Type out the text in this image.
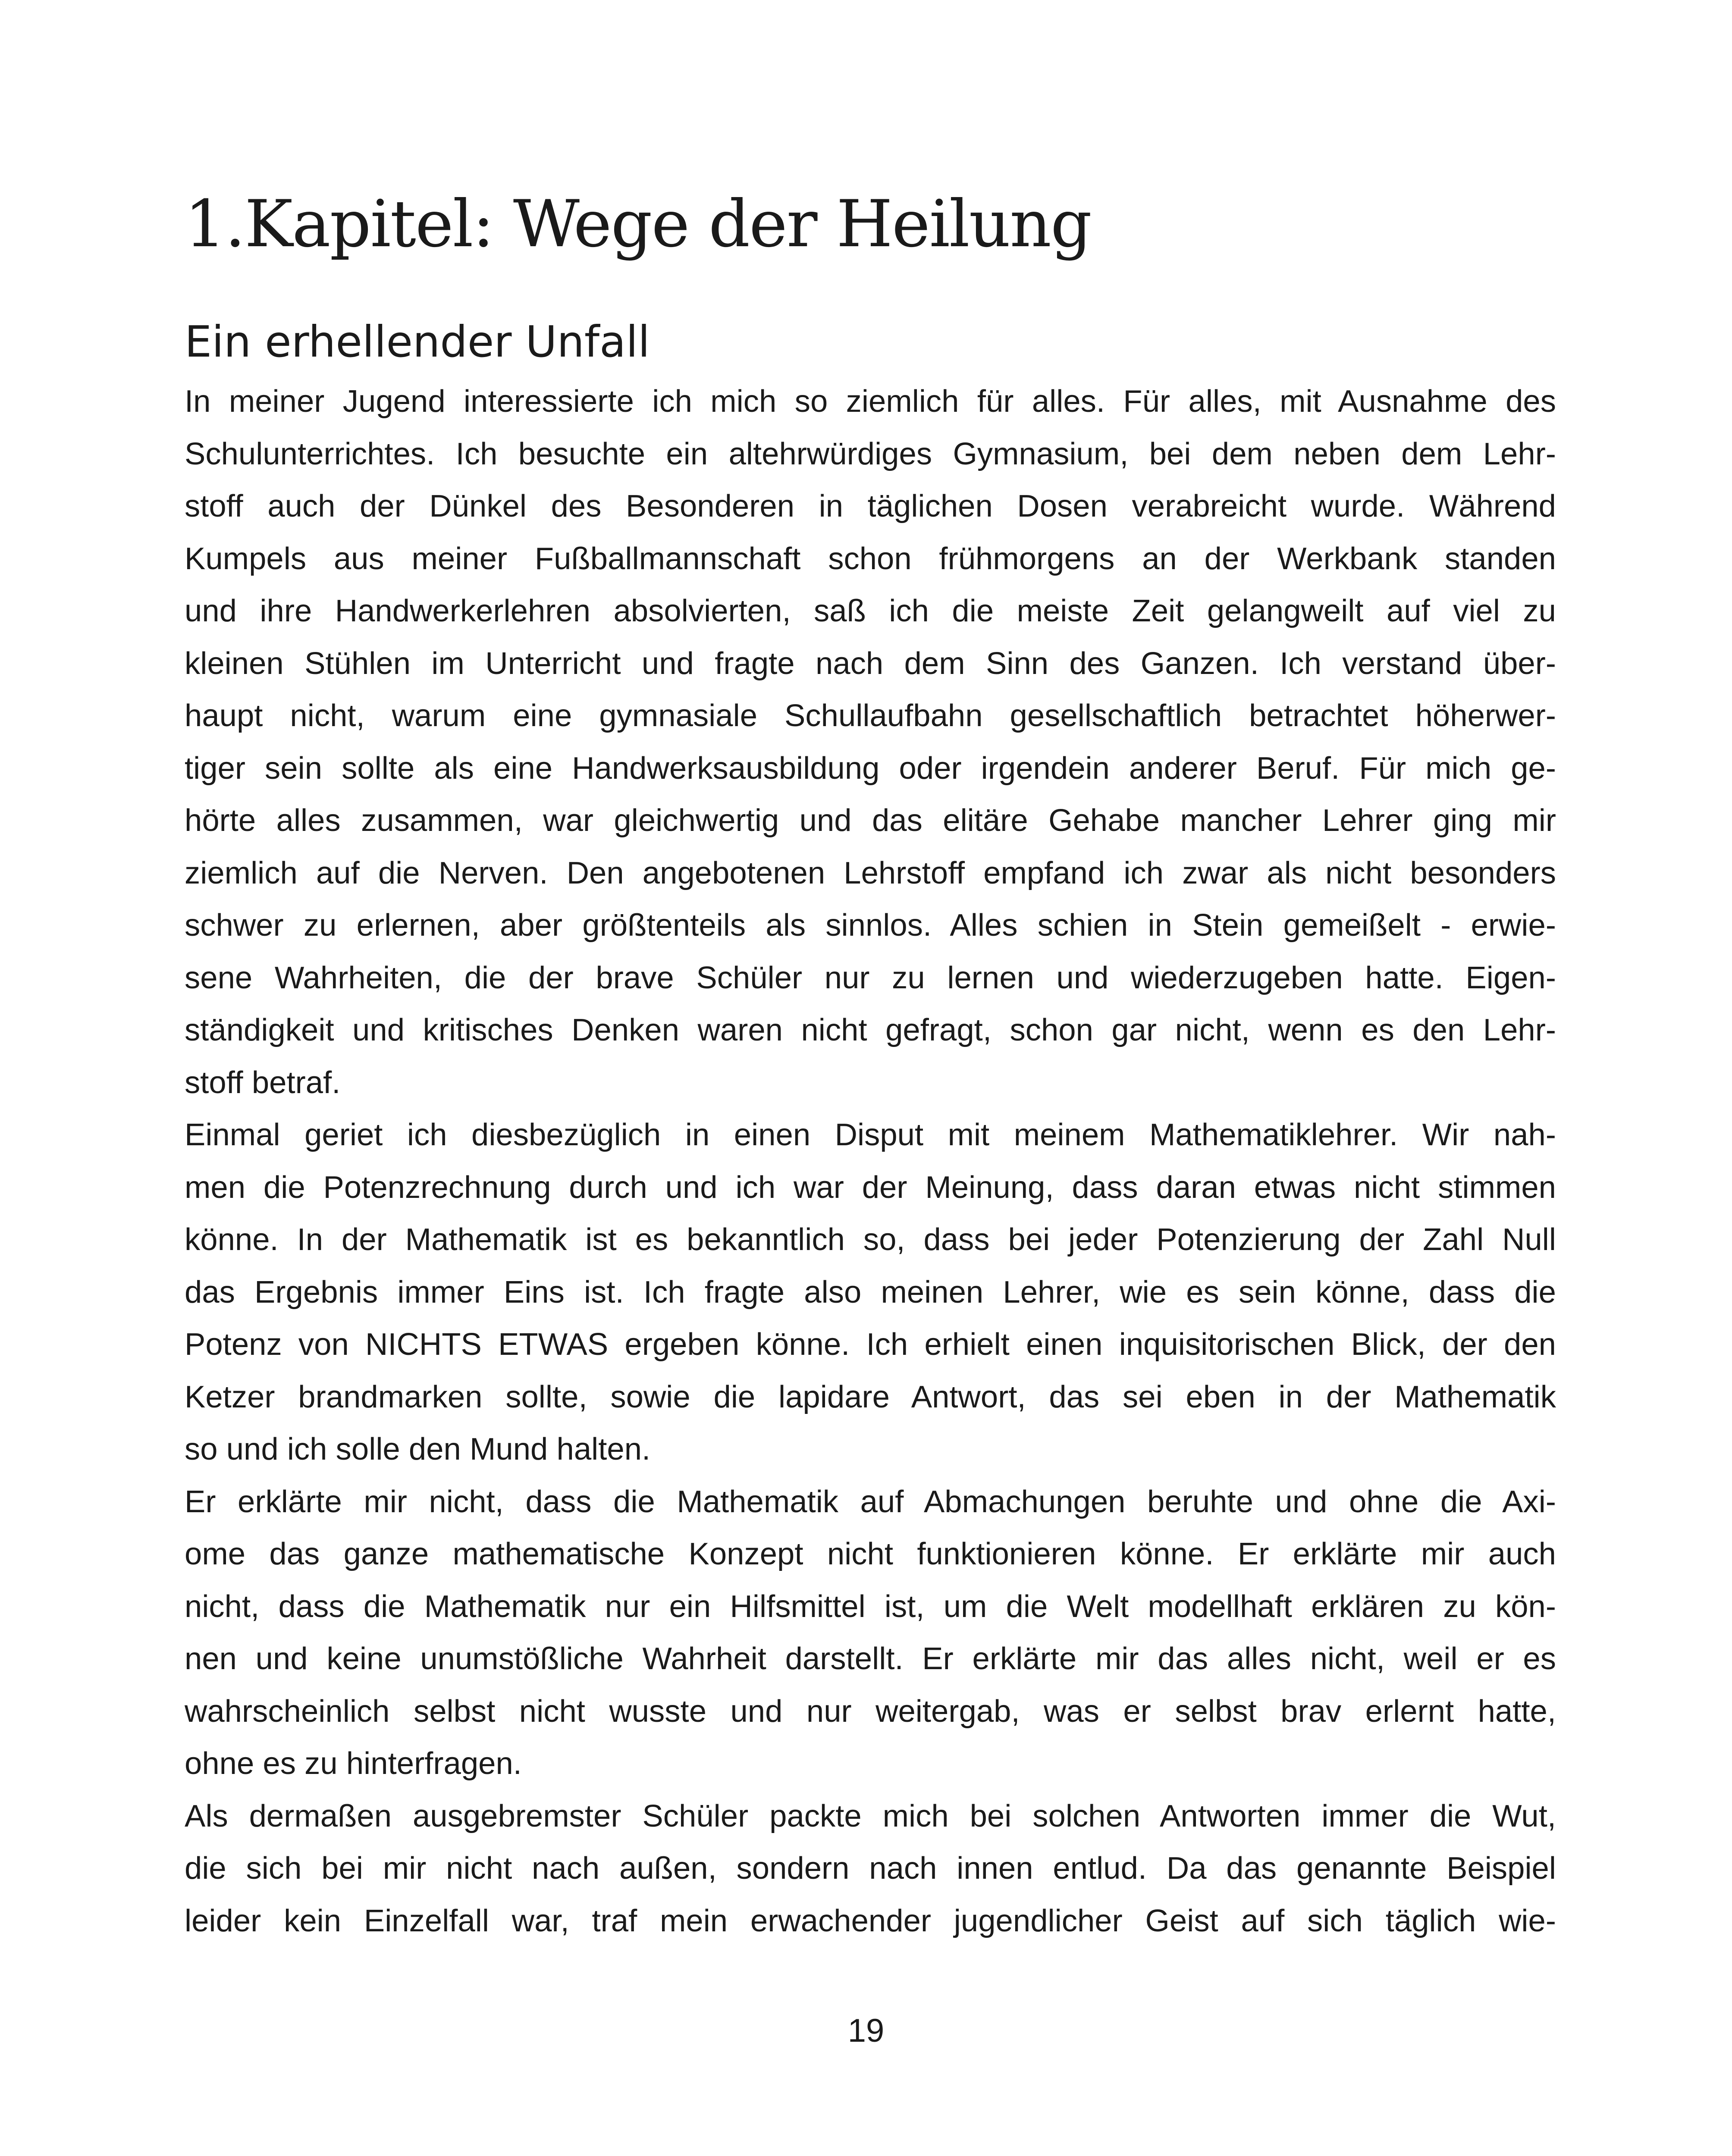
1.Kapitel: Wege der Heilung
Ein erhellender Unfall

In meiner Jugend interessierte ich mich so ziemlich für alles. Für alles, mit Ausnahme des
Schulunterrichtes. Ich besuchte ein altehrwürdiges Gymnasium, bei dem neben dem Lehr-
stoff auch der Dünkel des Besonderen in täglichen Dosen verabreicht wurde. Während
Kumpels aus meiner Fußballmannschaft schon frühmorgens an der Werkbank standen
und ihre Handwerkerlehren absolvierten, saß ich die meiste Zeit gelangweilt auf viel zu
kleinen Stühlen im Unterricht und fragte nach dem Sinn des Ganzen. Ich verstand über-
haupt nicht, warum eine gymnasiale Schullaufbahn gesellschaftlich betrachtet höherwer-
tiger sein sollte als eine Handwerksausbildung oder irgendein anderer Beruf. Für mich ge-
hörte alles zusammen, war gleichwertig und das elitäre Gehabe mancher Lehrer ging mir
ziemlich auf die Nerven. Den angebotenen Lehrstoff empfand ich zwar als nicht besonders
schwer zu erlernen, aber größtenteils als sinnlos. Alles schien in Stein gemeißelt - erwie-
sene Wahrheiten, die der brave Schüler nur zu lernen und wiederzugeben hatte. Eigen-
ständigkeit und kritisches Denken waren nicht gefragt, schon gar nicht, wenn es den Lehr-
stoff betraf.

Einmal geriet ich diesbezüglich in einen Disput mit meinem Mathematiklehrer. Wir nah-
men die Potenzrechnung durch und ich war der Meinung, dass daran etwas nicht stimmen
könne. In der Mathematik ist es bekanntlich so, dass bei jeder Potenzierung der Zahl Null
das Ergebnis immer Eins ist. Ich fragte also meinen Lehrer, wie es sein könne, dass die
Potenz von NICHTS ETWAS ergeben könne. Ich erhielt einen inquisitorischen Blick, der den
Ketzer brandmarken sollte, sowie die lapidare Antwort, das sei eben in der Mathematik
so und ich solle den Mund halten.

Er erklärte mir nicht, dass die Mathematik auf Abmachungen beruhte und ohne die Axi-
ome das ganze mathematische Konzept nicht funktionieren könne. Er erklärte mir auch
nicht, dass die Mathematik nur ein Hilfsmittel ist, um die Welt modellhaft erklären zu kön-
nen und keine unumstößliche Wahrheit darstellt. Er erklärte mir das alles nicht, weil er es
wahrscheinlich selbst nicht wusste und nur weitergab, was er selbst brav erlernt hatte,
ohne es zu hinterfragen.

Als dermaßen ausgebremster Schüler packte mich bei solchen Antworten immer die Wut,
die sich bei mir nicht nach außen, sondern nach innen entlud. Da das genannte Beispiel
leider kein Einzelfall war, traf mein erwachender jugendlicher Geist auf sich täglich wie-

19
